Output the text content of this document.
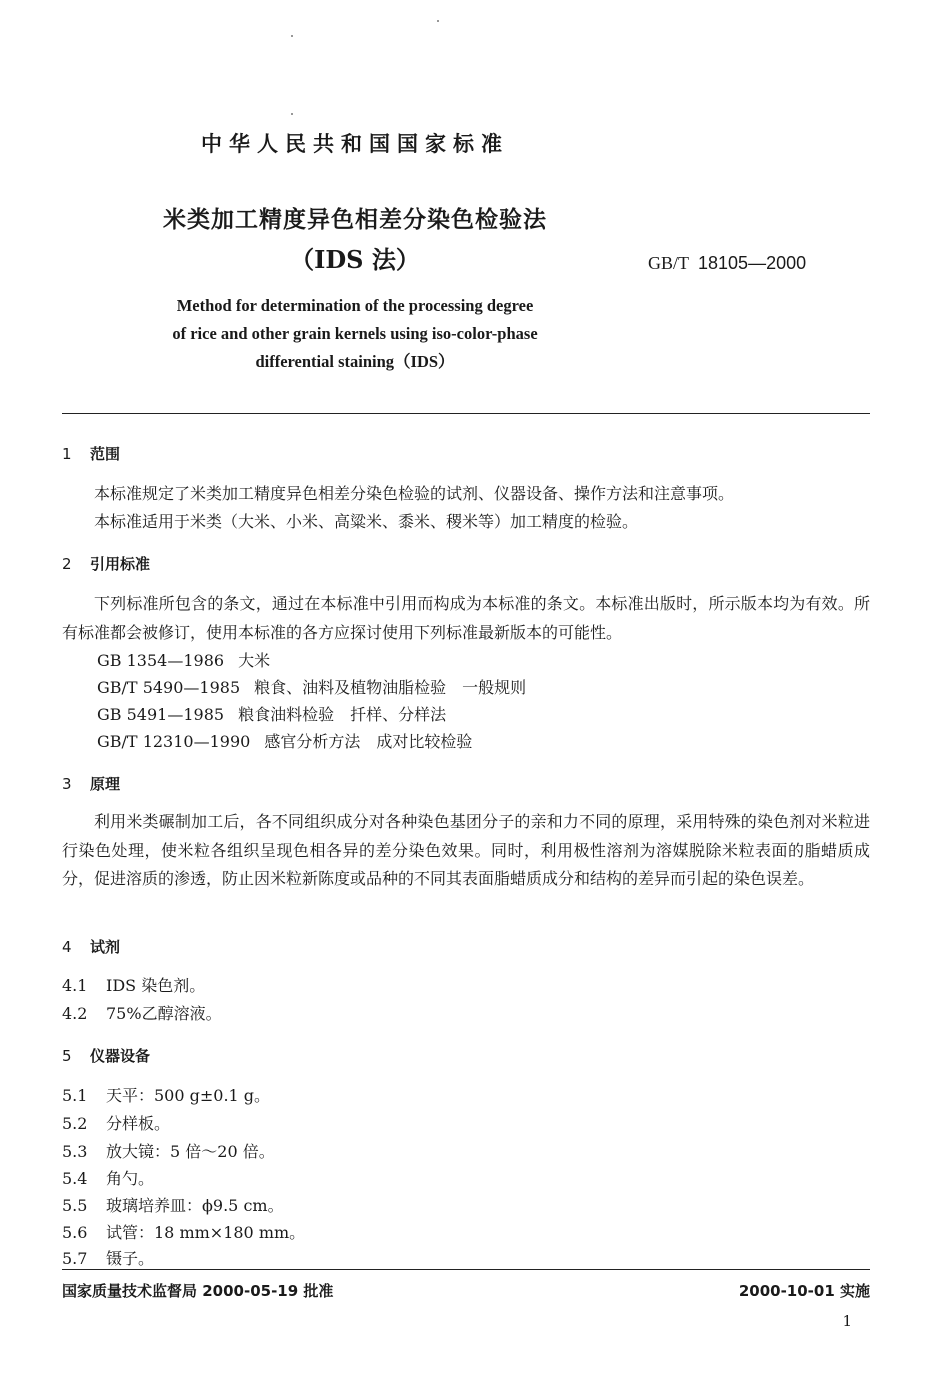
中华人民共和国国家标准
米类加工精度异色相差分染色检验法
（IDS 法）	GB/T 18105—2000
Method for determination of the processing degree
of rice and other grain kernels using iso-color-phase
differential staining（IDS）
1 范围
本标准规定了米类加工精度异色相差分染色检验的试剂、仪器设备、操作方法和注意事项。
本标准适用于米类（大米、小米、高粱米、黍米、稷米等）加工精度的检验。
2 引用标准
下列标准所包含的条文，通过在本标准中引用而构成为本标准的条文。本标准出版时，所示版本均为有效。所有标准都会被修订，使用本标准的各方应探讨使用下列标准最新版本的可能性。
GB 1354—1986 大米
GB/T 5490—1985 粮食、油料及植物油脂检验　一般规则
GB 5491—1985 粮食油料检验　扦样、分样法
GB/T 12310—1990 感官分析方法　成对比较检验
3 原理
利用米类碾制加工后，各不同组织成分对各种染色基团分子的亲和力不同的原理，采用特殊的染色剂对米粒进行染色处理，使米粒各组织呈现色相各异的差分染色效果。同时，利用极性溶剂为溶媒脱除米粒表面的脂蜡质成分，促进溶质的渗透，防止因米粒新陈度或品种的不同其表面脂蜡质成分和结构的差异而引起的染色误差。
4 试剂
4.1 IDS 染色剂。
4.2 75%乙醇溶液。
5 仪器设备
5.1 天平：500 g±0.1 g。
5.2 分样板。
5.3 放大镜：5 倍～20 倍。
5.4 角勺。
5.5 玻璃培养皿：ϕ9.5 cm。
5.6 试管：18 mm×180 mm。
5.7 镊子。
国家质量技术监督局 2000-05-19 批准	2000-10-01 实施
1
